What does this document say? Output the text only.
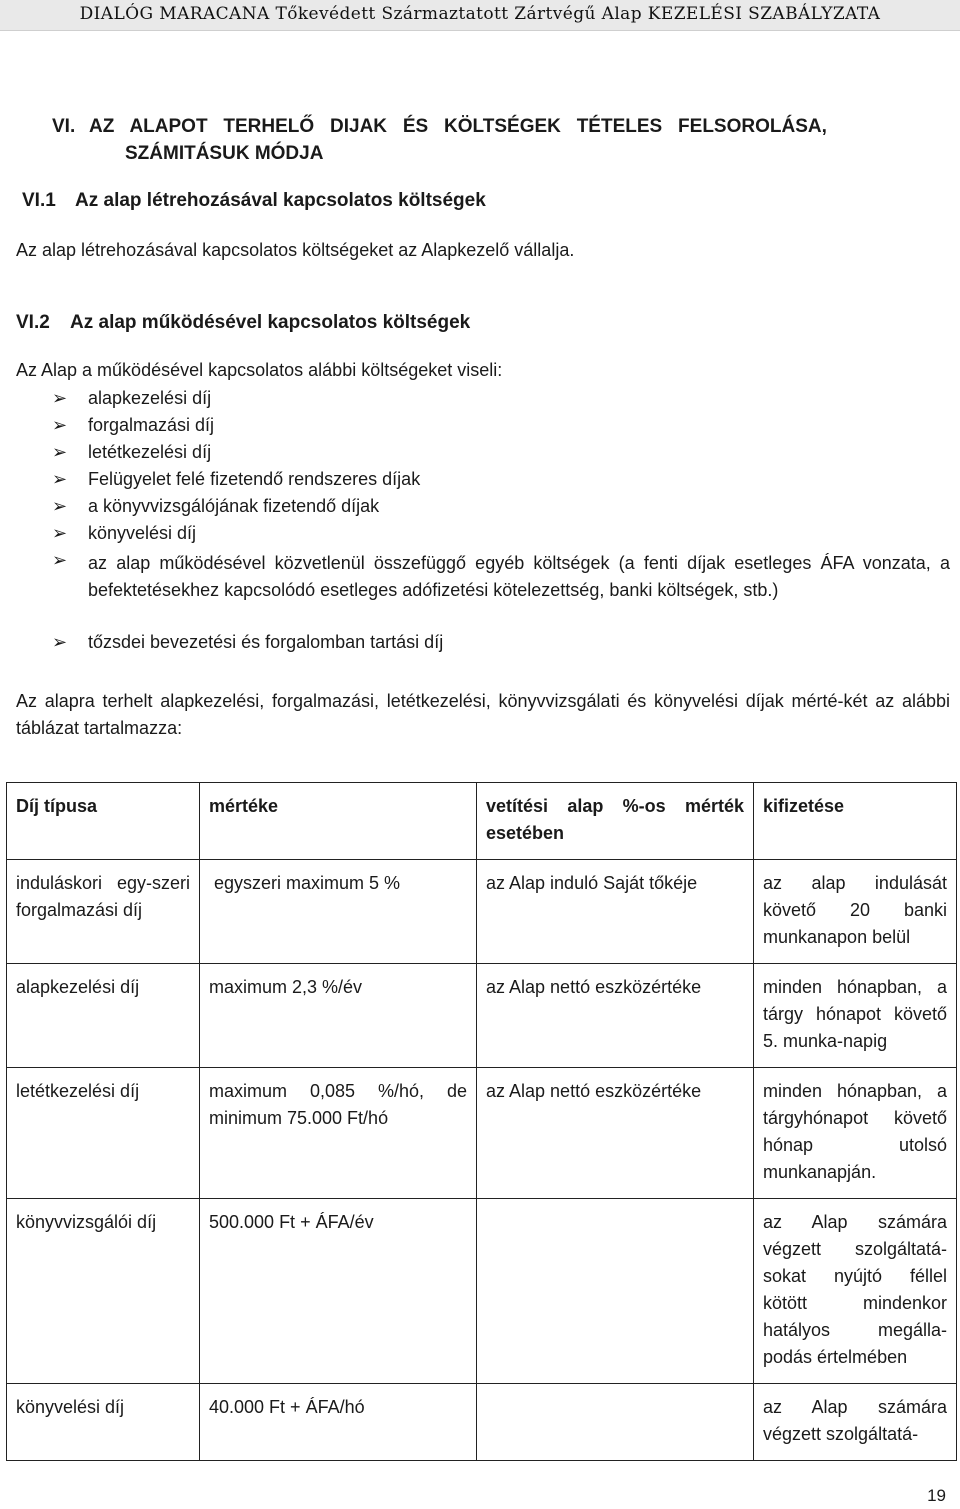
DIALÓG MARACANA Tőkevédett Származtatott Zártvégű Alap KEZELÉSI SZABÁLYZATA
VI. AZ   ALAPOT   TERHELŐ   DIJAK   ÉS   KÖLTSÉGEK   TÉTELES   FELSOROLÁSA,
SZÁMITÁSUK MÓDJA
VI.1 Az alap létrehozásával kapcsolatos költségek
Az alap létrehozásával kapcsolatos költségeket az Alapkezelő vállalja.
VI.2 Az alap működésével kapcsolatos költségek
Az Alap a működésével kapcsolatos alábbi költségeket viseli:
➢ alapkezelési díj
➢ forgalmazási díj
➢ letétkezelési díj
➢ Felügyelet felé fizetendő rendszeres díjak
➢ a könyvvizsgálójának fizetendő díjak
➢ könyvelési díj
➢ az alap működésével közvetlenül összefüggő egyéb költségek (a fenti díjak esetleges ÁFA vonzata, a befektetésekhez kapcsolódó esetleges adófizetési kötelezettség, banki költségek, stb.)
➢ tőzsdei bevezetési és forgalomban tartási díj
Az alapra terhelt alapkezelési, forgalmazási, letétkezelési, könyvvizsgálati és könyvelési díjak mérté-két az alábbi táblázat tartalmazza:
Díj típusa	mértéke	vetítési alap %-os mérték esetében	kifizetése
induláskori egy-szeri forgalmazási díj	egyszeri maximum 5 %	az Alap induló Saját tőkéje	az alap indulását követő 20 banki munkanapon belül
alapkezelési díj	maximum 2,3 %/év	az Alap nettó eszközértéke	minden hónapban, a tárgy hónapot követő 5. munka-napig
letétkezelési díj	maximum 0,085 %/hó, de minimum 75.000 Ft/hó	az Alap nettó eszközértéke	minden hónapban, a tárgyhónapot követő hónap utolsó munkanapján.
könyvvizsgálói díj	500.000 Ft + ÁFA/év		az Alap számára végzett szolgáltatá-sokat nyújtó féllel kötött mindenkor hatályos megálla-podás értelmében
könyvelési díj	40.000 Ft + ÁFA/hó		az Alap számára végzett szolgáltatá-
19
